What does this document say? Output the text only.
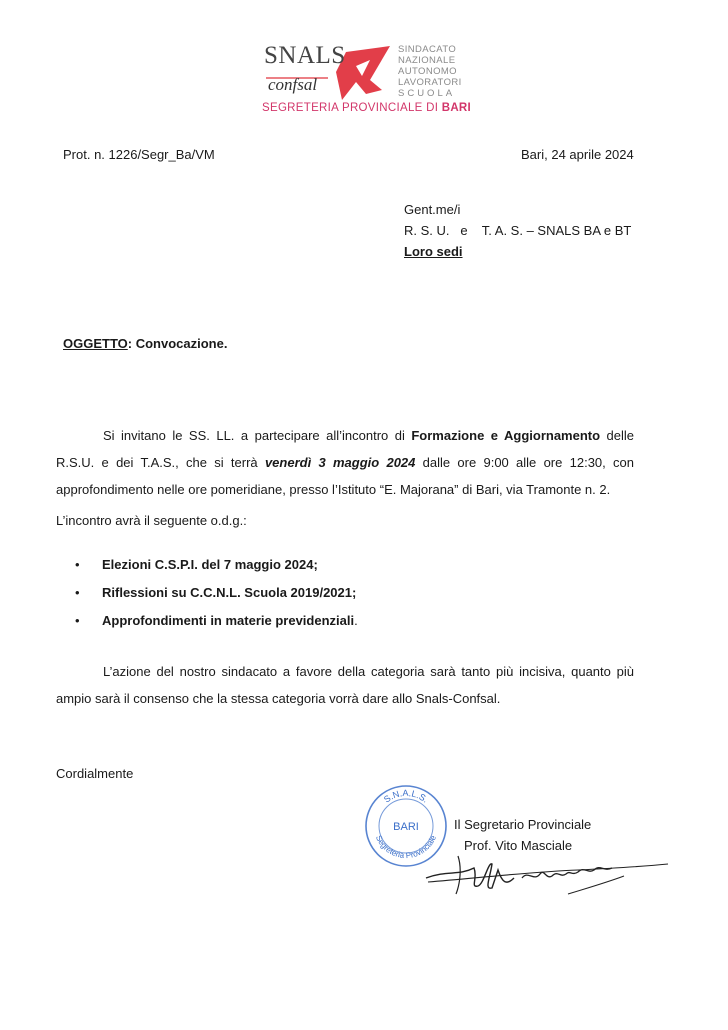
SNALS
confsal
SINDACATO
NAZIONALE
AUTONOMO
LAVORATORI
SCUOLA
SEGRETERIA PROVINCIALE DI BARI
Prot. n. 1226/Segr_Ba/VM	Bari, 24 aprile 2024
Gent.me/i
R. S. U.   e    T. A. S. – SNALS BA e BT
Loro sedi
OGGETTO: Convocazione.
Si invitano le SS. LL. a partecipare all’incontro di Formazione e Aggiornamento delle R.S.U. e dei T.A.S., che si terrà venerdì 3 maggio 2024 dalle ore 9:00 alle ore 12:30, con approfondimento nelle ore pomeridiane, presso l’Istituto “E. Majorana” di Bari, via Tramonte n. 2.
L’incontro avrà il seguente o.d.g.:
• Elezioni C.S.P.I. del 7 maggio 2024;
• Riflessioni su C.C.N.L. Scuola 2019/2021;
• Approfondimenti in materie previdenziali.
L’azione del nostro sindacato a favore della categoria sarà tanto più incisiva, quanto più ampio sarà il consenso che la stessa categoria vorrà dare allo Snals-Confsal.
Cordialmente
S.N.A.L.S.
BARI
Segreteria Provinciale
Il Segretario Provinciale
Prof. Vito Masciale
